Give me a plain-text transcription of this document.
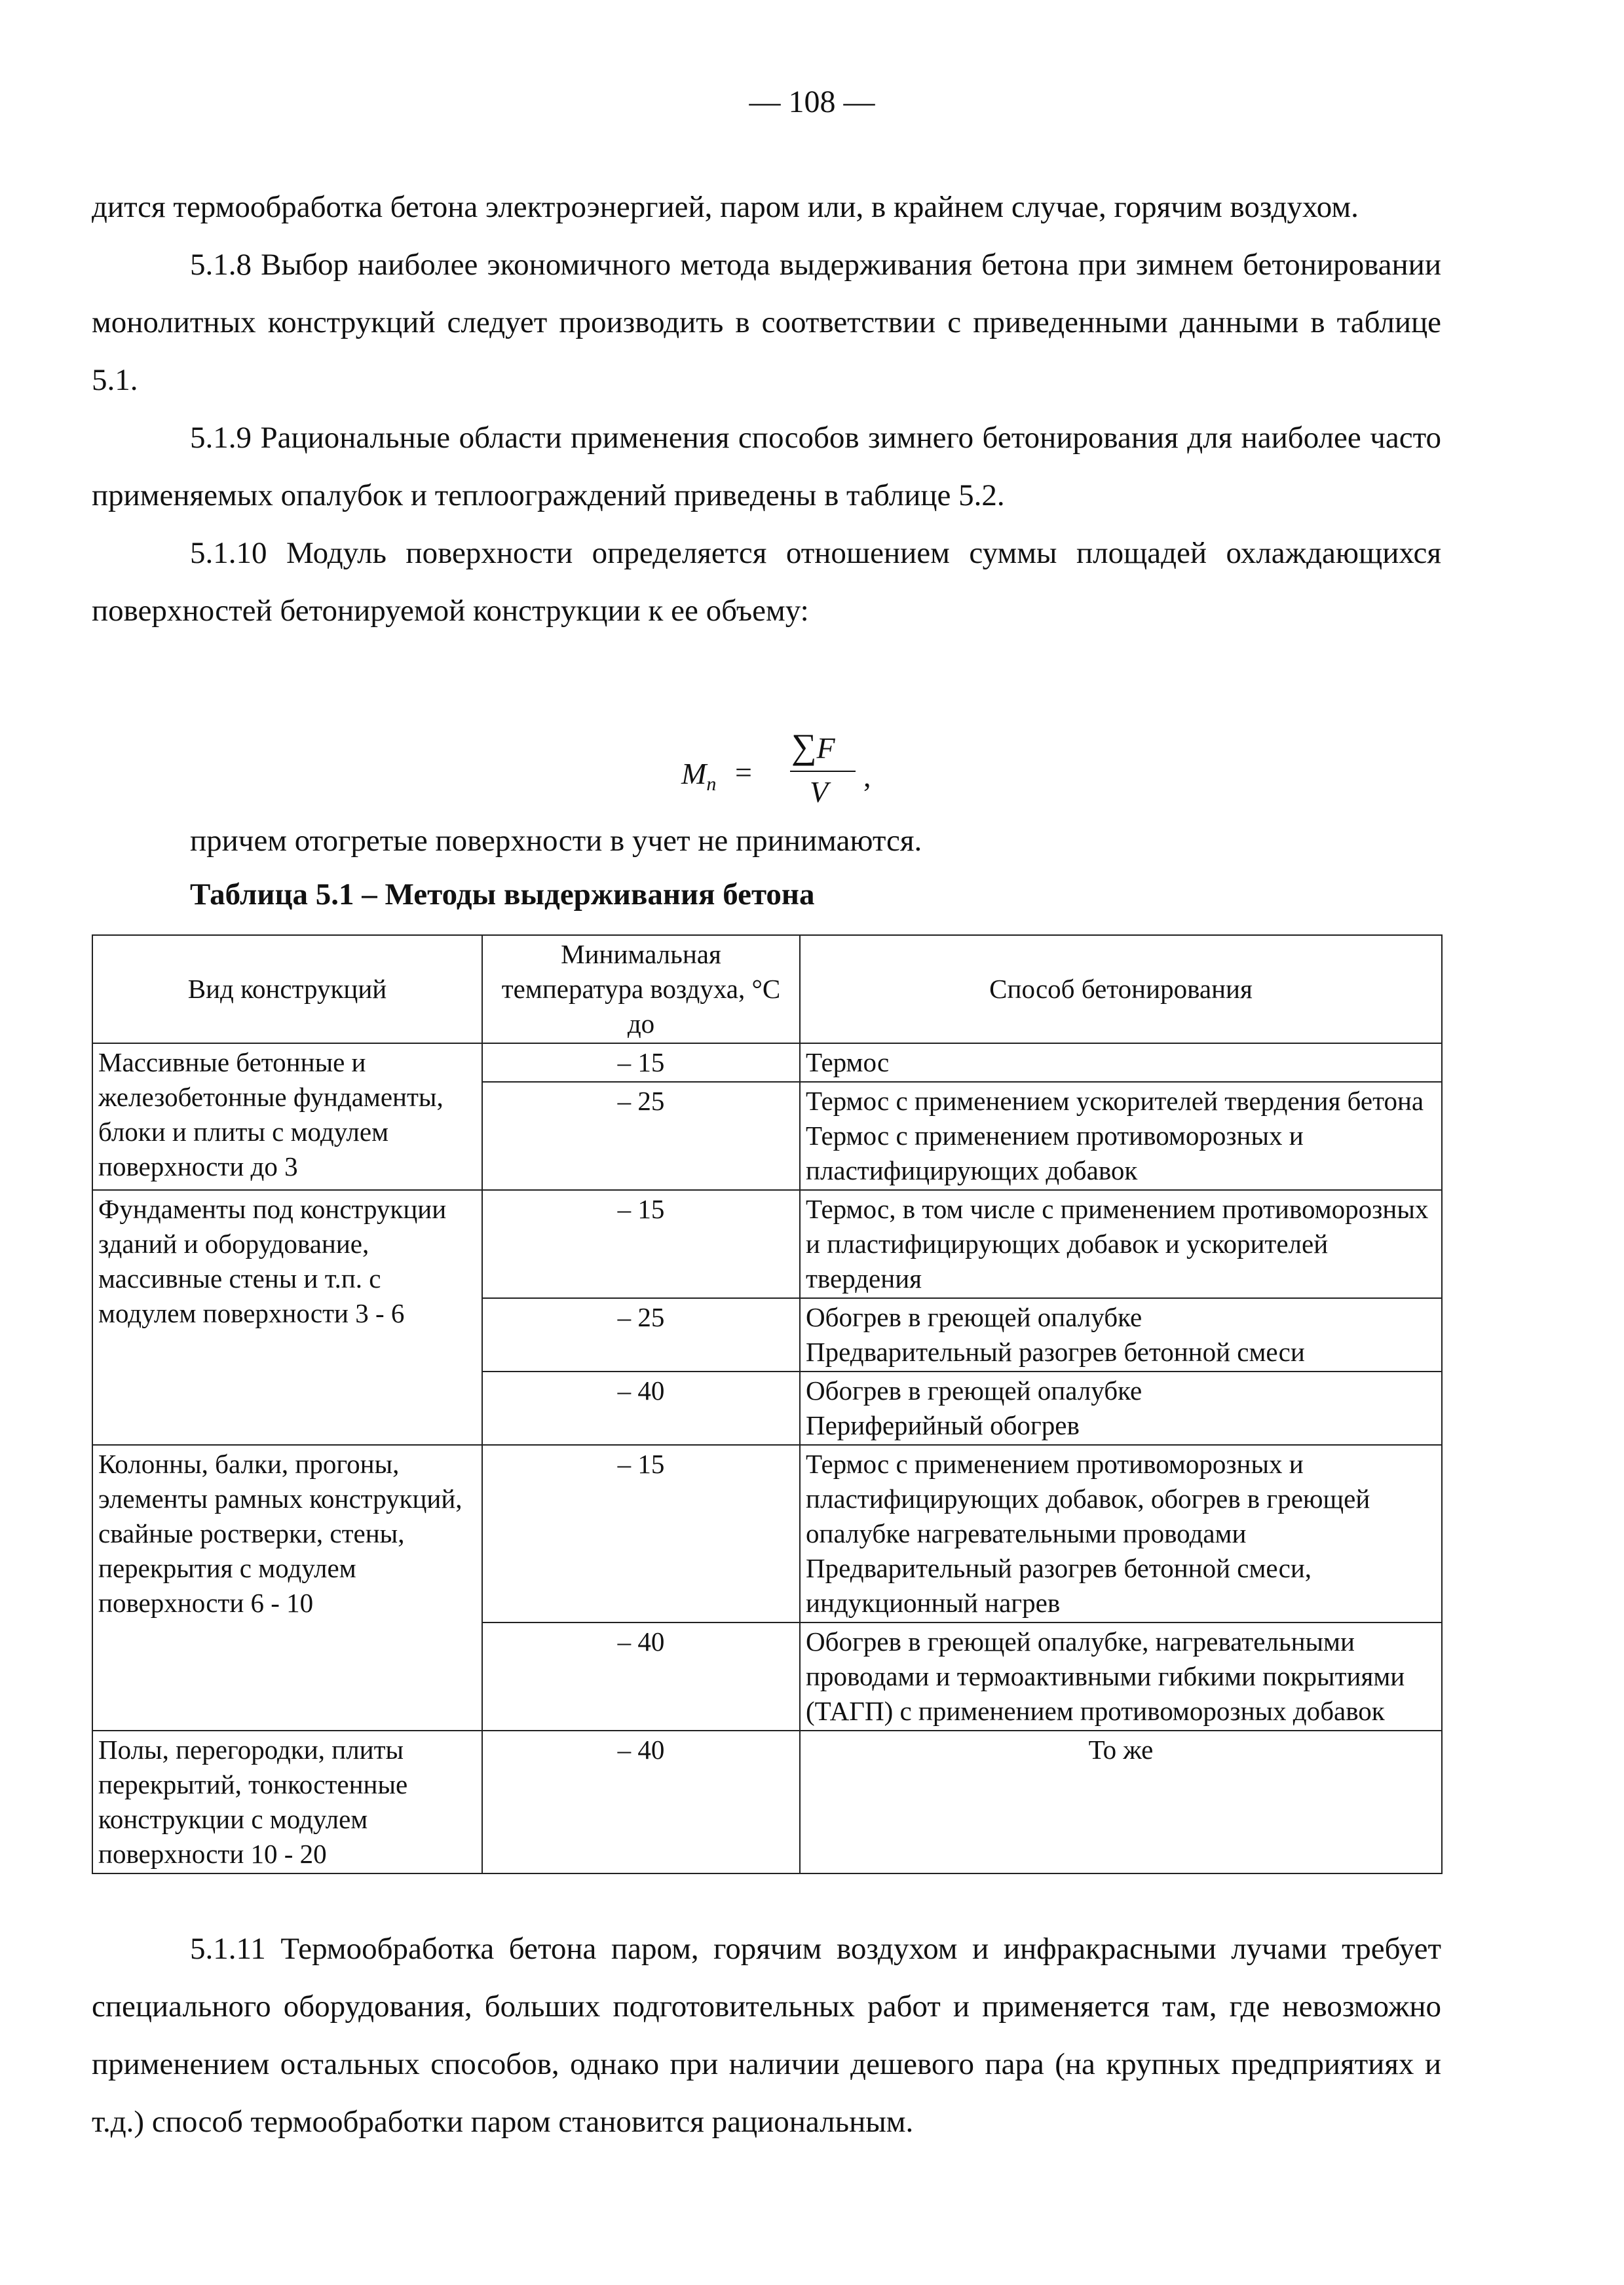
— 108 —

дится термообработка бетона электроэнергией, паром или, в крайнем случае, горячим воздухом.

5.1.8 Выбор наиболее экономичного метода выдерживания бетона при зимнем бетонировании монолитных конструкций следует производить в соответствии с приведенными данными в таблице 5.1.

5.1.9 Рациональные области применения способов зимнего бетонирования для наиболее часто применяемых опалубок и теплоограждений приведены в таблице 5.2.

5.1.10 Модуль поверхности определяется отношением суммы площадей охлаждающихся поверхностей бетонируемой конструкции к ее объему:

$M_п$ =
∑F
V ,
причем отогретые поверхности в учет не принимаются.
Таблица 5.1 – Методы выдерживания бетона
Вид конструкций	Минимальная температура воздуха, °С до	Способ бетонирования
Массивные бетонные и железобетонные фундаменты, блоки и плиты с модулем поверхности до 3	– 15	Термос

	– 25	Термос с применением ускорителей твердения бетона
Термос с применением противоморозных и пластифицирующих добавок

Фундаменты под конструкции зданий и оборудование, массивные стены и т.п. с модулем поверхности 3 - 6	– 15	Термос, в том числе с применением противоморозных и пластифицирующих добавок и ускорителей твердения

	– 25	Обогрев в греющей опалубке
Предварительный разогрев бетонной смеси

	– 40	Обогрев в греющей опалубке
Периферийный обогрев

Колонны, балки, прогоны, элементы рамных конструкций, свайные ростверки, стены, перекрытия с модулем поверхности 6 - 10	– 15	Термос с применением противоморозных и пластифицирующих добавок, обогрев в греющей опалубке нагревательными проводами
Предварительный разогрев бетонной смеси, индукционный нагрев

	– 40	Обогрев в греющей опалубке, нагревательными проводами и термоактивными гибкими покрытиями (ТАГП) с применением противоморозных добавок

Полы, перегородки, плиты перекрытий, тонкостенные конструкции с модулем поверхности 10 - 20	– 40	То же

5.1.11 Термообработка бетона паром, горячим воздухом и инфракрасными лучами требует специального оборудования, больших подготовительных работ и применяется там, где невозможно применением остальных способов, однако при наличии дешевого пара (на крупных предприятиях и т.д.) способ термообработки паром становится рациональным.
